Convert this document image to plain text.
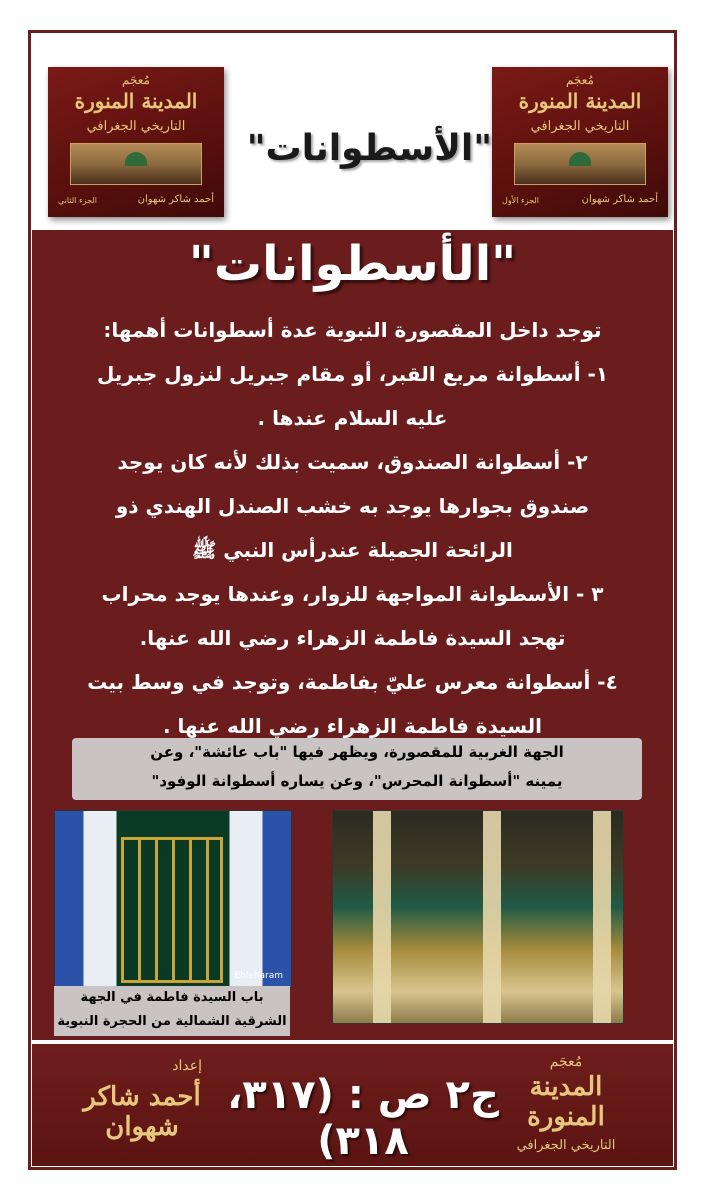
مُعجَم
المدينة المنورة
التاريخي الجغرافي
أحمد شاكر شهوان
الجزء الثاني
"الأسطوانات"
مُعجَم
المدينة المنورة
التاريخي الجغرافي
أحمد شاكر شهوان
الجزء الأول
"الأسطوانات"
توجد داخل المقصورة النبوية عدة أسطوانات أهمها:
١- أسطوانة مربع القبر، أو مقام جبريل لنزول جبريل
عليه السلام عندها .
٢- أسطوانة الصندوق، سميت بذلك لأنه كان يوجد
صندوق بجوارها يوجد به خشب الصندل الهندي ذو
الرائحة الجميلة عندرأس النبي ﷺ
٣ - الأسطوانة المواجهة للزوار، وعندها يوجد محراب
تهجد السيدة فاطمة الزهراء رضي الله عنها.
٤- أسطوانة معرس عليّ بفاطمة، وتوجد في وسط بيت
السيدة فاطمة الزهراء رضي الله عنها .
الجهة الغربية للمقصورة، ويظهر فيها "باب عائشة"، وعن
يمينه "أسطوانة المحرس"، وعن يساره أسطوانة الوفود"
Ehleharam
باب السيدة فاطمة في الجهة
الشرقية الشمالية من الحجرة النبوية
مُعجَم
المدينة المنورة
التاريخي الجغرافي
ج٢ ص : (٣١٧، ٣١٨)
إعداد
أحمد شاكر شهوان
